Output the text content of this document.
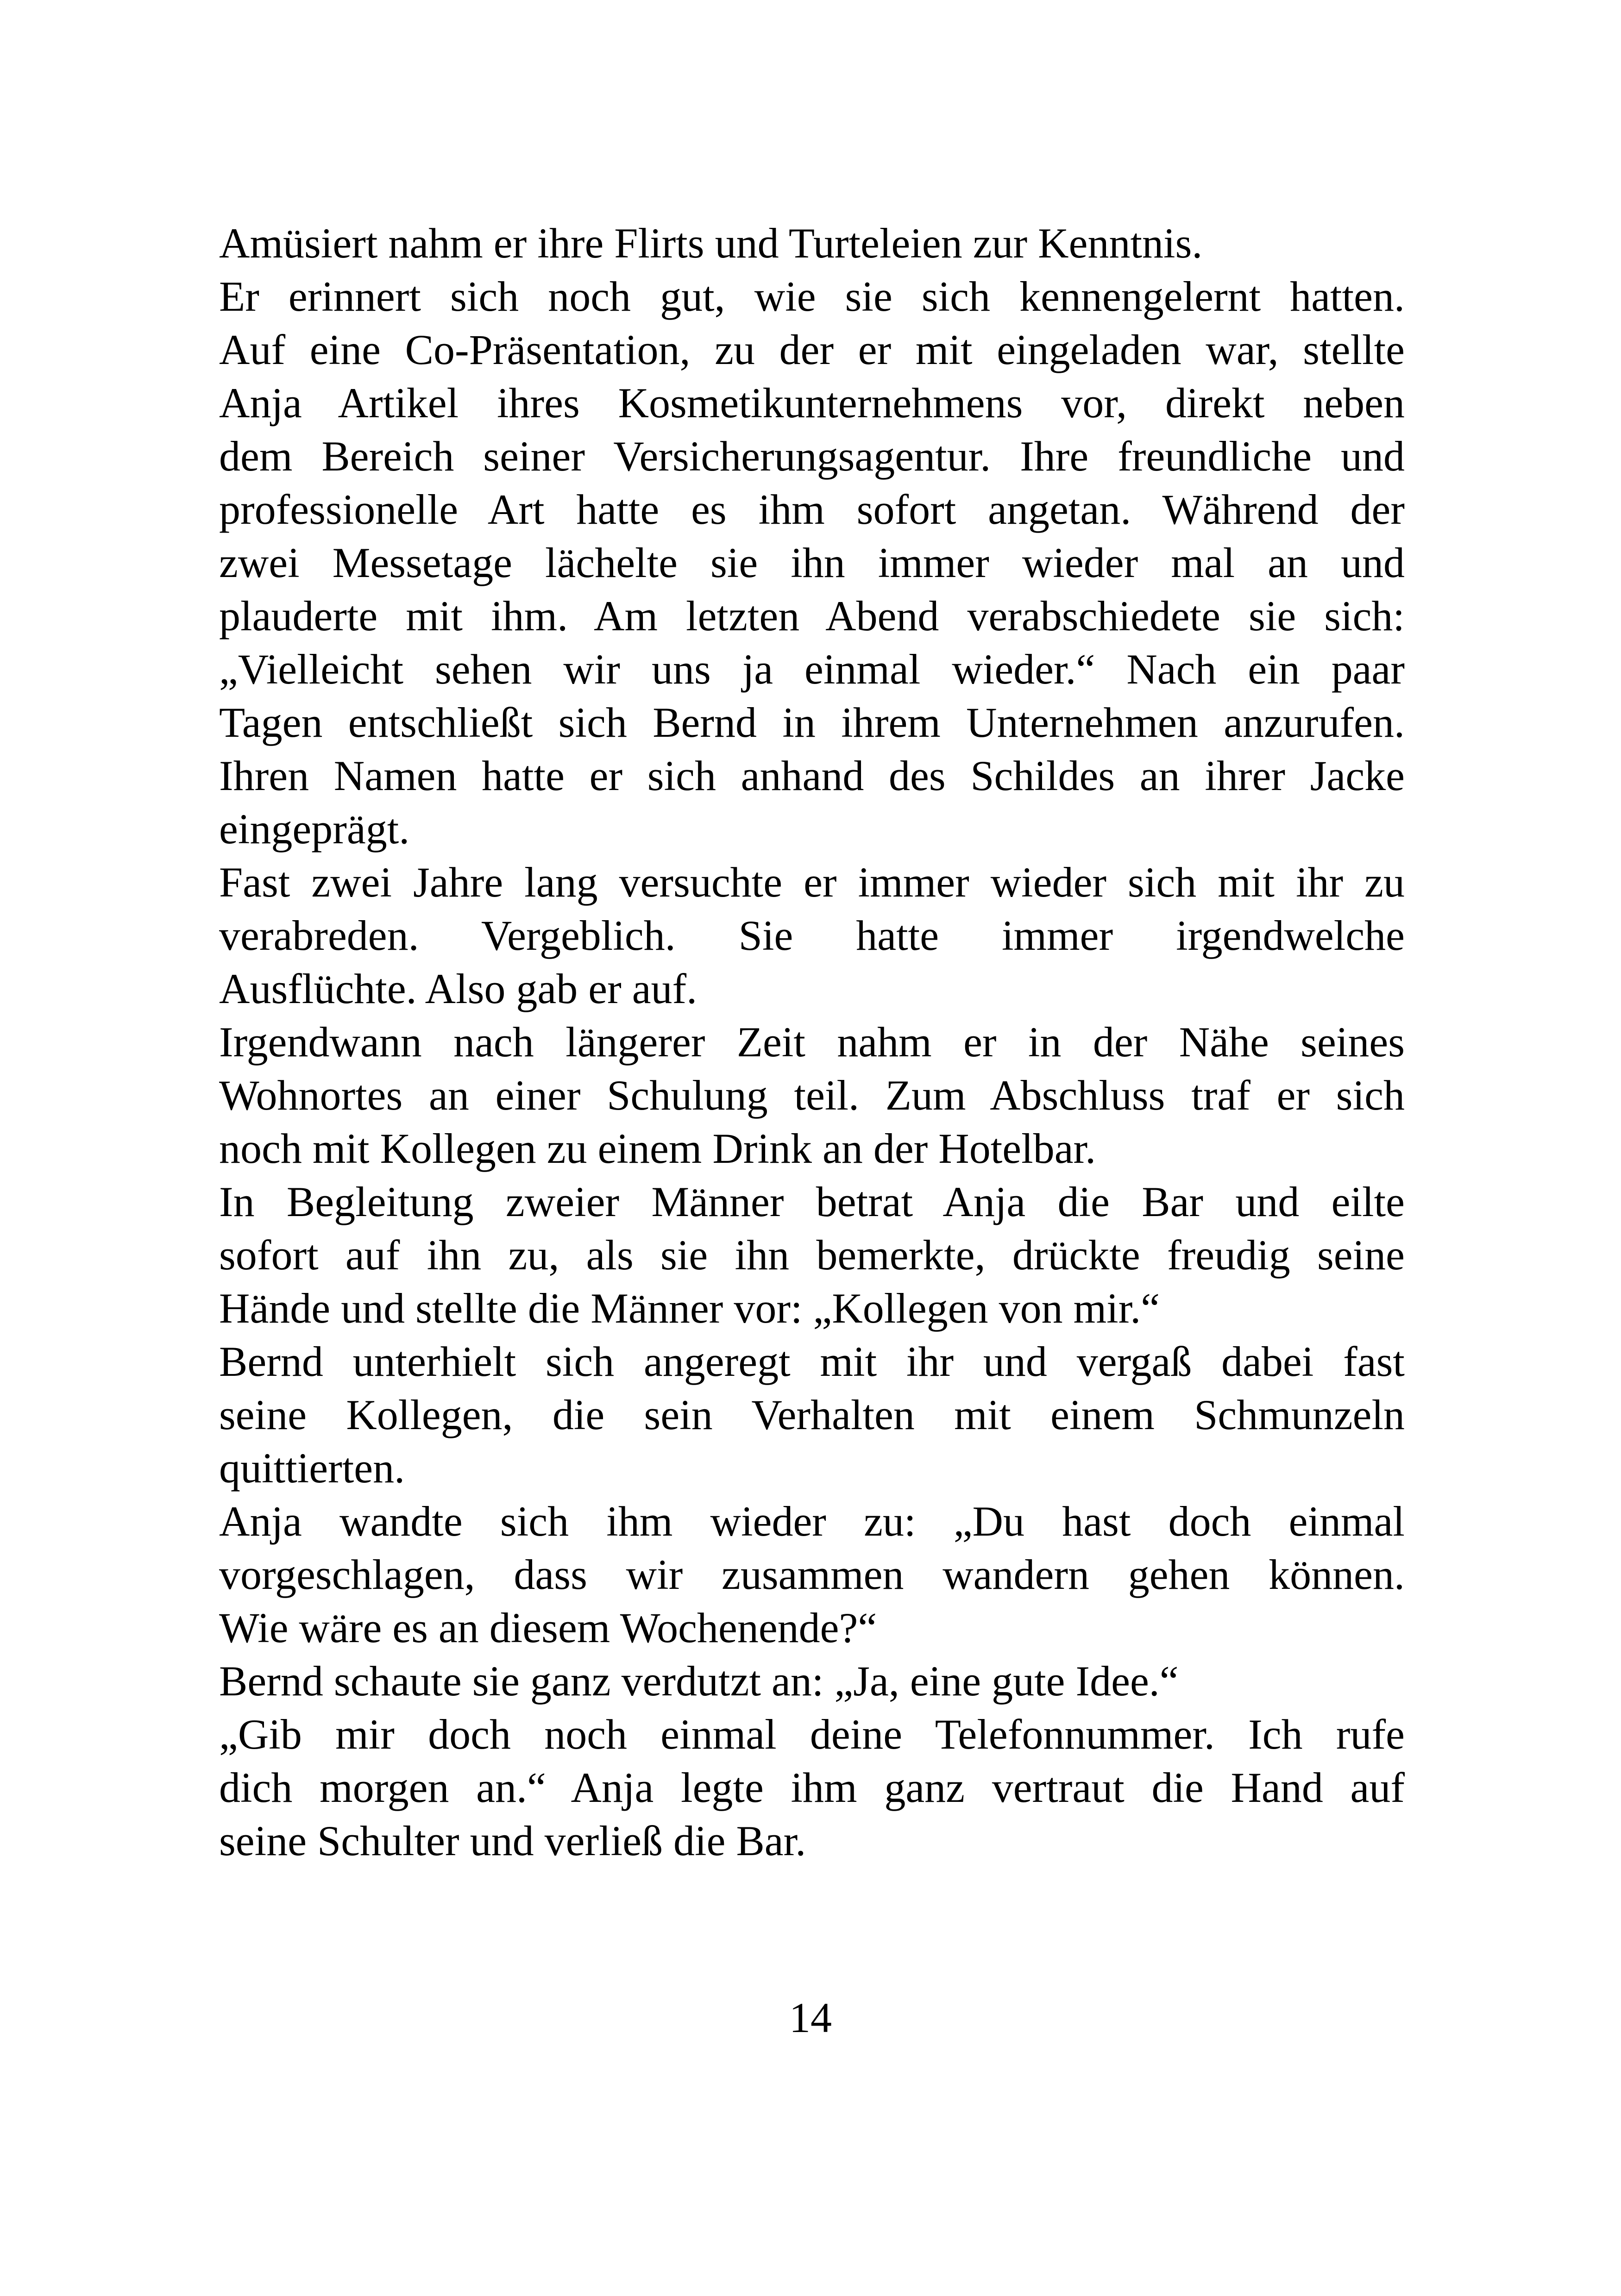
Amüsiert nahm er ihre Flirts und Turteleien zur Kenntnis.
Er erinnert sich noch gut, wie sie sich kennengelernt hatten.
Auf eine Co-Präsentation, zu der er mit eingeladen war, stellte
Anja Artikel ihres Kosmetikunternehmens vor, direkt neben
dem Bereich seiner Versicherungsagentur. Ihre freundliche und
professionelle Art hatte es ihm sofort angetan. Während der
zwei Messetage lächelte sie ihn immer wieder mal an und
plauderte mit ihm. Am letzten Abend verabschiedete sie sich:
„Vielleicht sehen wir uns ja einmal wieder.“ Nach ein paar
Tagen entschließt sich Bernd in ihrem Unternehmen anzurufen.
Ihren Namen hatte er sich anhand des Schildes an ihrer Jacke
eingeprägt.
Fast zwei Jahre lang versuchte er immer wieder sich mit ihr zu
verabreden. Vergeblich. Sie hatte immer irgendwelche
Ausflüchte. Also gab er auf.
Irgendwann nach längerer Zeit nahm er in der Nähe seines
Wohnortes an einer Schulung teil. Zum Abschluss traf er sich
noch mit Kollegen zu einem Drink an der Hotelbar.
In Begleitung zweier Männer betrat Anja die Bar und eilte
sofort auf ihn zu, als sie ihn bemerkte, drückte freudig seine
Hände und stellte die Männer vor: „Kollegen von mir.“
Bernd unterhielt sich angeregt mit ihr und vergaß dabei fast
seine Kollegen, die sein Verhalten mit einem Schmunzeln
quittierten.
Anja wandte sich ihm wieder zu: „Du hast doch einmal
vorgeschlagen, dass wir zusammen wandern gehen können.
Wie wäre es an diesem Wochenende?“
Bernd schaute sie ganz verdutzt an: „Ja, eine gute Idee.“
„Gib mir doch noch einmal deine Telefonnummer. Ich rufe
dich morgen an.“ Anja legte ihm ganz vertraut die Hand auf
seine Schulter und verließ die Bar.
14
